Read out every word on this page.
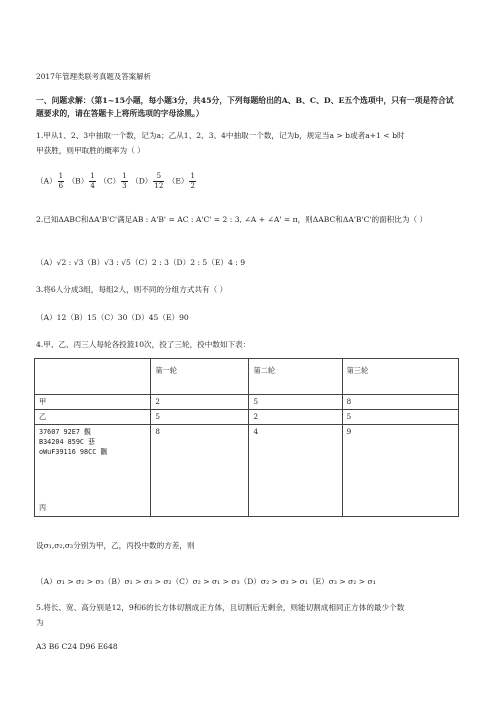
2017年管理类联考真题及答案解析
一、问题求解：（第1~15小题，每小题3分，共45分，下列每题给出的A、B、C、D、E五个选项中，只有一项是符合试题要求的，请在答题卡上将所选项的字母涂黑。）
1.甲从1、2、3中抽取一个数，记为a；乙从1、2、3、4中抽取一个数，记为b，规定当a > b或者a+1 < b时
甲获胜，则甲取胜的概率为（ ）
$(A) \frac{1}{6} (B) \frac{1}{4} (C) \frac{1}{3} (D) \frac{5}{12} (E) \frac{1}{2}$
2.已知ΔABC和ΔA'B'C'满足AB : A'B' = AC : A'C' = 2 : 3, ∠A + ∠A' = π，则ΔABC和ΔA'B'C'的面积比为（ ）
（A）√2 : √3（B）√3 : √5（C）2 : 3（D）2 : 5（E）4 : 9
3.将6人分成3组，每组2人，则不同的分组方式共有（ ）
（A）12（B）15（C）30（D）45（E）90
4.甲、乙、丙三人每轮各投篮10次，投了三轮，投中数如下表：
	第一轮	第二轮	第三轮
甲	2	5	8
乙	5	2	5

37607 92E7 覲
B3420​4 859C 蕜
oWuF39116 98CC 飌
丙	8	4	9
设σ₁,σ₂,σ₃分别为甲，乙，丙投中数的方差，则
（A）σ₁ > σ₂ > σ₃（B）σ₁ > σ₃ > σ₂（C）σ₂ > σ₁ > σ₃（D）σ₂ > σ₃ > σ₁（E）σ₃ > σ₂ > σ₁
5.将长、宽、高分别是12，9和6的长方体切割成正方体，且切割后无剩余，则能切割成相同正方体的最少个数
为
A3 B6 C24 D96 E648
